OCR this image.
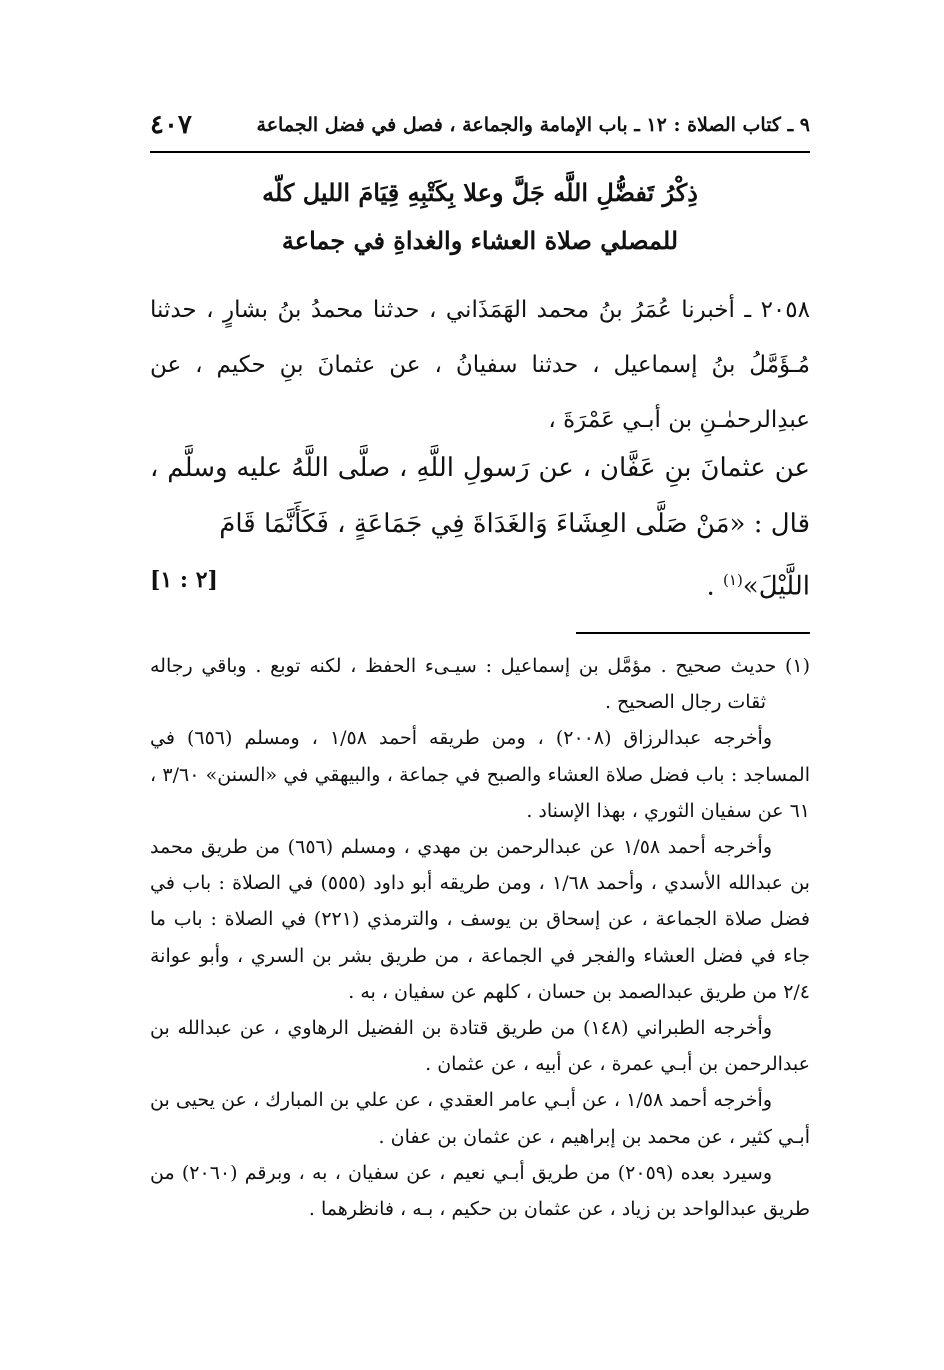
٩ ـ كتاب الصلاة : ١٢ ـ باب الإمامة والجماعة ، فصل في فضل الجماعة
٤٠٧
ذِكْرُ تَفضُّلِ اللَّه جَلَّ وعلا بِكَتْبِهِ قِيَامَ الليل كلّه
للمصلي صلاة العشاء والغداةِ في جماعة
٢٠٥٨ ـ أخبرنا عُمَرُ بنُ محمد الهَمَذَاني ، حدثنا محمدُ بنُ بشارٍ ، حدثنا مُـؤَمَّلُ بنُ إسماعيل ، حدثنا سفيانُ ، عن عثمانَ بنِ حكيم ، عن عبدِالرحمٰـنِ بن أبـي عَمْرَةَ ،
عن عثمانَ بنِ عَفَّان ، عن رَسولِ اللَّهِ ، صلَّى اللَّهُ عليه وسلَّم ، قال : «مَنْ صَلَّى العِشَاءَ وَالغَدَاةَ فِي جَمَاعَةٍ ، فَكَأَنَّمَا قَامَ
اللَّيْلَ»$^{(١)}$ .
[٢ : ١]

(١) حديث صحيح . مؤمَّل بن إسماعيل : سيـىء الحفظ ، لكنه توبع . وباقي رجاله ثقات رجال الصحيح .

وأخرجه عبدالرزاق (٢٠٠٨) ، ومن طريقه أحمد ١/٥٨ ، ومسلم (٦٥٦) في المساجد : باب فضل صلاة العشاء والصبح في جماعة ، والبيهقي في «السنن» ٣/٦٠ ، ٦١ عن سفيان الثوري ، بهذا الإسناد .

وأخرجه أحمد ١/٥٨ عن عبدالرحمن بن مهدي ، ومسلم (٦٥٦) من طريق محمد بن عبدالله الأسدي ، وأحمد ١/٦٨ ، ومن طريقه أبو داود (٥٥٥) في الصلاة : باب في فضل صلاة الجماعة ، عن إسحاق بن يوسف ، والترمذي (٢٢١) في الصلاة : باب ما جاء في فضل العشاء والفجر في الجماعة ، من طريق بشر بن السري ، وأبو عوانة ٢/٤ من طريق عبدالصمد بن حسان ، كلهم عن سفيان ، به .

وأخرجه الطبراني (١٤٨) من طريق قتادة بن الفضيل الرهاوي ، عن عبدالله بن عبدالرحمن بن أبـي عمرة ، عن أبيه ، عن عثمان .

وأخرجه أحمد ١/٥٨ ، عن أبـي عامر العقدي ، عن علي بن المبارك ، عن يحيى بن أبـي كثير ، عن محمد بن إبراهيم ، عن عثمان بن عفان .

وسيرد بعده (٢٠٥٩) من طريق أبـي نعيم ، عن سفيان ، به ، وبرقم (٢٠٦٠) من طريق عبدالواحد بن زياد ، عن عثمان بن حكيم ، بـه ، فانظرهما .
